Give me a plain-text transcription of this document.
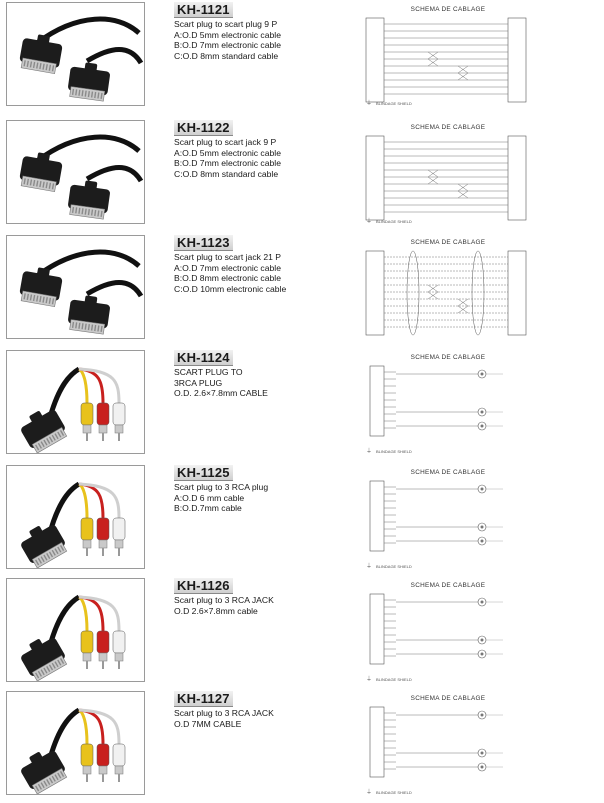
KH-1121
Scart plug to scart plug 9 P
A:O.D 5mm electronic cable
B:O.D 7mm electronic cable
C:O.D 8mm standard cable
SCHEMA DE CABLAGE
⏚ BLINDAGE SHIELD
KH-1122
Scart plug to scart jack 9 P
A:O.D 5mm electronic cable
B:O.D 7mm electronic cable
C:O.D 8mm standard cable
SCHEMA DE CABLAGE
⏚ BLINDAGE SHIELD
KH-1123
Scart plug to scart jack 21 P
A:O.D 7mm electronic cable
B:O.D 8mm electronic cable
C:O.D 10mm electronic cable
SCHEMA DE CABLAGE
KH-1124
SCART PLUG TO
3RCA PLUG
O.D. 2.6×7.8mm CABLE
SCHEMA DE CABLAGE
⏚ BLINDAGE SHIELD
KH-1125
Scart plug to 3 RCA plug
A:O.D 6 mm cable
B:O.D.7mm cable
SCHEMA DE CABLAGE
⏚ BLINDAGE SHIELD
KH-1126
Scart plug to 3 RCA JACK
O.D 2.6×7.8mm cable
SCHEMA DE CABLAGE
⏚ BLINDAGE SHIELD
KH-1127
Scart plug to 3 RCA JACK
O.D 7MM CABLE
SCHEMA DE CABLAGE
⏚ BLINDAGE SHIELD
